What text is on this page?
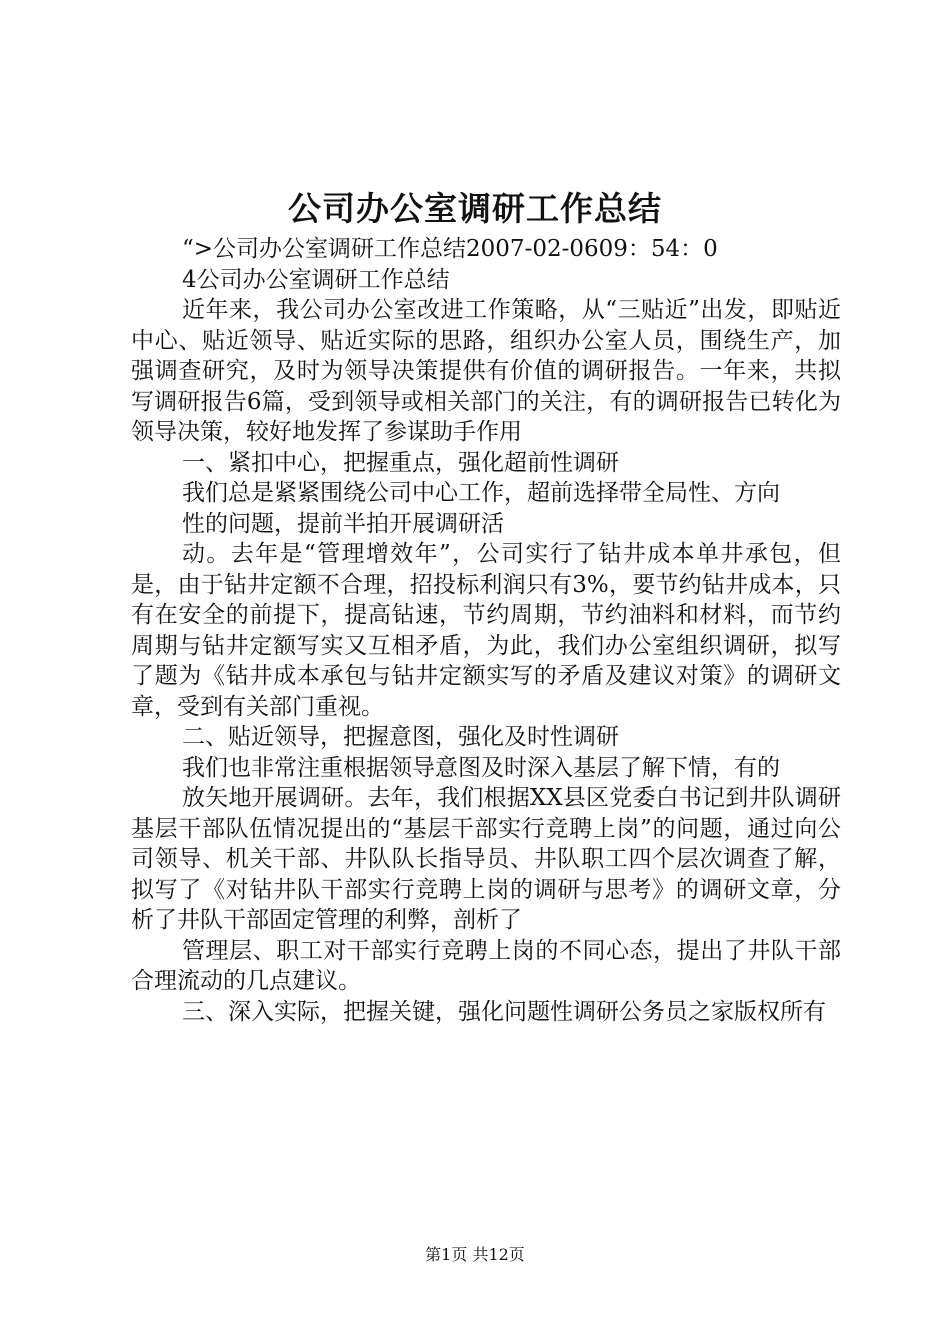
公司办公室调研工作总结

“>公司办公室调研工作总结2007-02-0609：54：0

4公司办公室调研工作总结

近年来，我公司办公室改进工作策略，从“三贴近”出发，即贴近中心、贴近领导、贴近实际的思路，组织办公室人员，围绕生产，加强调查研究，及时为领导决策提供有价值的调研报告。一年来，共拟写调研报告6篇，受到领导或相关部门的关注，有的调研报告已转化为领导决策，较好地发挥了参谋助手作用

一、紧扣中心，把握重点，强化超前性调研

我们总是紧紧围绕公司中心工作，超前选择带全局性、方向

性的问题，提前半拍开展调研活

动。去年是“管理增效年”，公司实行了钻井成本单井承包，但是，由于钻井定额不合理，招投标利润只有3%，要节约钻井成本，只有在安全的前提下，提高钻速，节约周期，节约油料和材料，而节约周期与钻井定额写实又互相矛盾，为此，我们办公室组织调研，拟写了题为《钻井成本承包与钻井定额实写的矛盾及建议对策》的调研文章，受到有关部门重视。

二、贴近领导，把握意图，强化及时性调研

我们也非常注重根据领导意图及时深入基层了解下情，有的

放矢地开展调研。去年，我们根据XX县区党委白书记到井队调研基层干部队伍情况提出的“基层干部实行竞聘上岗”的问题，通过向公司领导、机关干部、井队队长指导员、井队职工四个层次调查了解，拟写了《对钻井队干部实行竞聘上岗的调研与思考》的调研文章，分析了井队干部固定管理的利弊，剖析了

管理层、职工对干部实行竞聘上岗的不同心态，提出了井队干部合理流动的几点建议。

三、深入实际，把握关键，强化问题性调研公务员之家版权所有

第1页 共12页
